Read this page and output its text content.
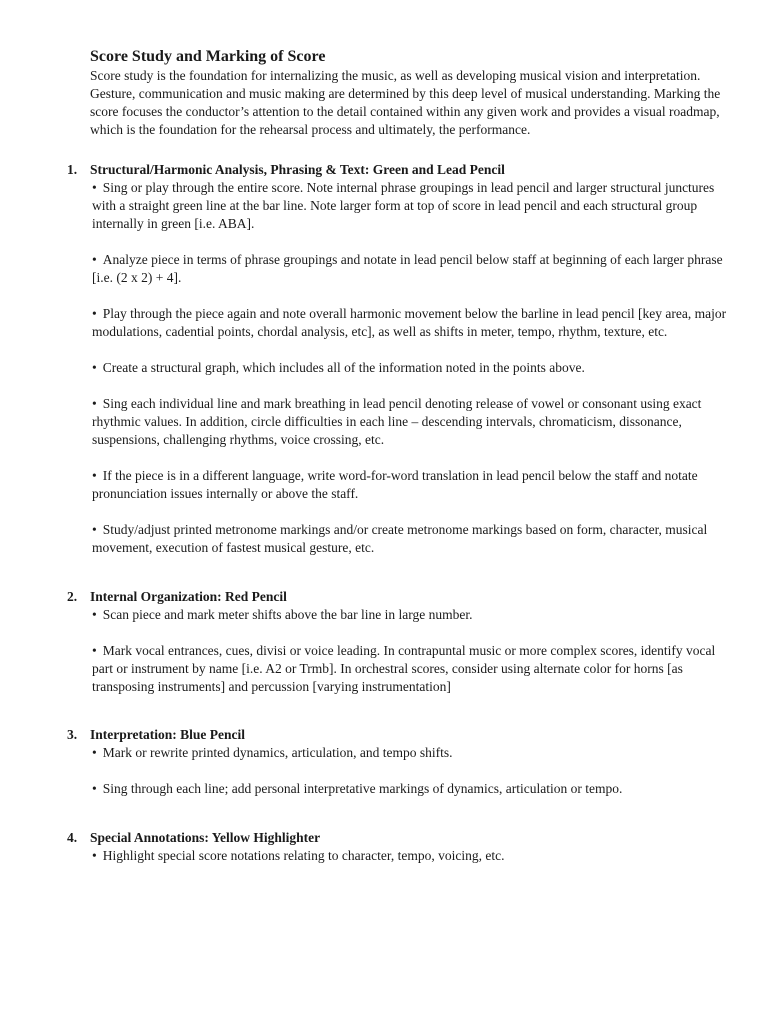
Score Study and Marking of Score

Score study is the foundation for internalizing the music, as well as developing musical vision and interpretation. Gesture, communication and music making are determined by this deep level of musical understanding. Marking the score focuses the conductor’s attention to the detail contained within any given work and provides a visual roadmap, which is the foundation for the rehearsal process and ultimately, the performance.

1. Structural/Harmonic Analysis, Phrasing & Text: Green and Lead Pencil

• Sing or play through the entire score. Note internal phrase groupings in lead pencil and larger structural junctures with a straight green line at the bar line. Note larger form at top of score in lead pencil and each structural group internally in green [i.e. ABA].

• Analyze piece in terms of phrase groupings and notate in lead pencil below staff at beginning of each larger phrase [i.e. (2 x 2) + 4].

• Play through the piece again and note overall harmonic movement below the barline in lead pencil [key area, major modulations, cadential points, chordal analysis, etc], as well as shifts in meter, tempo, rhythm, texture, etc.

• Create a structural graph, which includes all of the information noted in the points above.

• Sing each individual line and mark breathing in lead pencil denoting release of vowel or consonant using exact rhythmic values. In addition, circle difficulties in each line – descending intervals, chromaticism, dissonance, suspensions, challenging rhythms, voice crossing, etc.

• If the piece is in a different language, write word-for-word translation in lead pencil below the staff and notate pronunciation issues internally or above the staff.

• Study/adjust printed metronome markings and/or create metronome markings based on form, character, musical movement, execution of fastest musical gesture, etc.

2. Internal Organization: Red Pencil

• Scan piece and mark meter shifts above the bar line in large number.

• Mark vocal entrances, cues, divisi or voice leading. In contrapuntal music or more complex scores, identify vocal part or instrument by name [i.e. A2 or Trmb]. In orchestral scores, consider using alternate color for horns [as transposing instruments] and percussion [varying instrumentation]

3. Interpretation: Blue Pencil

• Mark or rewrite printed dynamics, articulation, and tempo shifts.

• Sing through each line; add personal interpretative markings of dynamics, articulation or tempo.

4. Special Annotations: Yellow Highlighter

• Highlight special score notations relating to character, tempo, voicing, etc.
